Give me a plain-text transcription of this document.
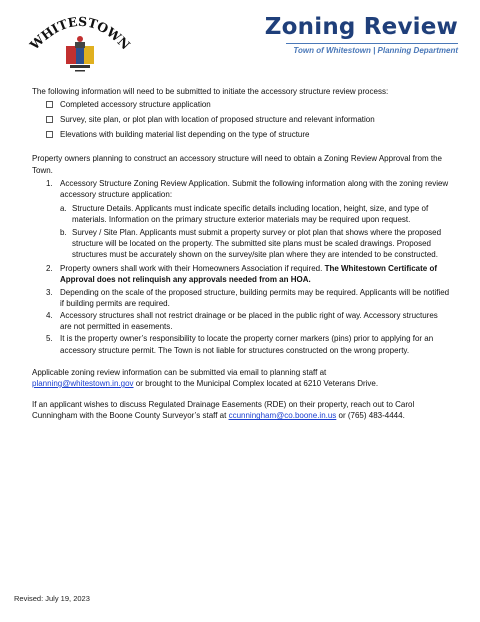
WHITESTOWN
Zoning Review
Town of Whitestown | Planning Department
The following information will need to be submitted to initiate the accessory structure review process:
Completed accessory structure application
Survey, site plan, or plot plan with location of proposed structure and relevant information
Elevations with building material list depending on the type of structure
Property owners planning to construct an accessory structure will need to obtain a Zoning Review Approval from the Town.
1. Accessory Structure Zoning Review Application. Submit the following information along with the zoning review accessory structure application:
a. Structure Details. Applicants must indicate specific details including location, height, size, and type of materials. Information on the primary structure exterior materials may be required upon request.
b. Survey / Site Plan. Applicants must submit a property survey or plot plan that shows where the proposed structure will be located on the property. The submitted site plans must be scaled drawings. Proposed structures must be accurately shown on the survey/site plan where they are intended to be constructed.
2. Property owners shall work with their Homeowners Association if required. The Whitestown Certificate of Approval does not relinquish any approvals needed from an HOA.
3. Depending on the scale of the proposed structure, building permits may be required. Applicants will be notified if building permits are required.
4. Accessory structures shall not restrict drainage or be placed in the public right of way. Accessory structures are not permitted in easements.
5. It is the property owner’s responsibility to locate the property corner markers (pins) prior to applying for an accessory structure permit. The Town is not liable for structures constructed on the wrong property.
Applicable zoning review information can be submitted via email to planning staff at
planning@whitestown.in.gov or brought to the Municipal Complex located at 6210 Veterans Drive.
If an applicant wishes to discuss Regulated Drainage Easements (RDE) on their property, reach out to Carol Cunningham with the Boone County Surveyor’s staff at ccunningham@co.boone.in.us or (765) 483-4444.
Revised: July 19, 2023
